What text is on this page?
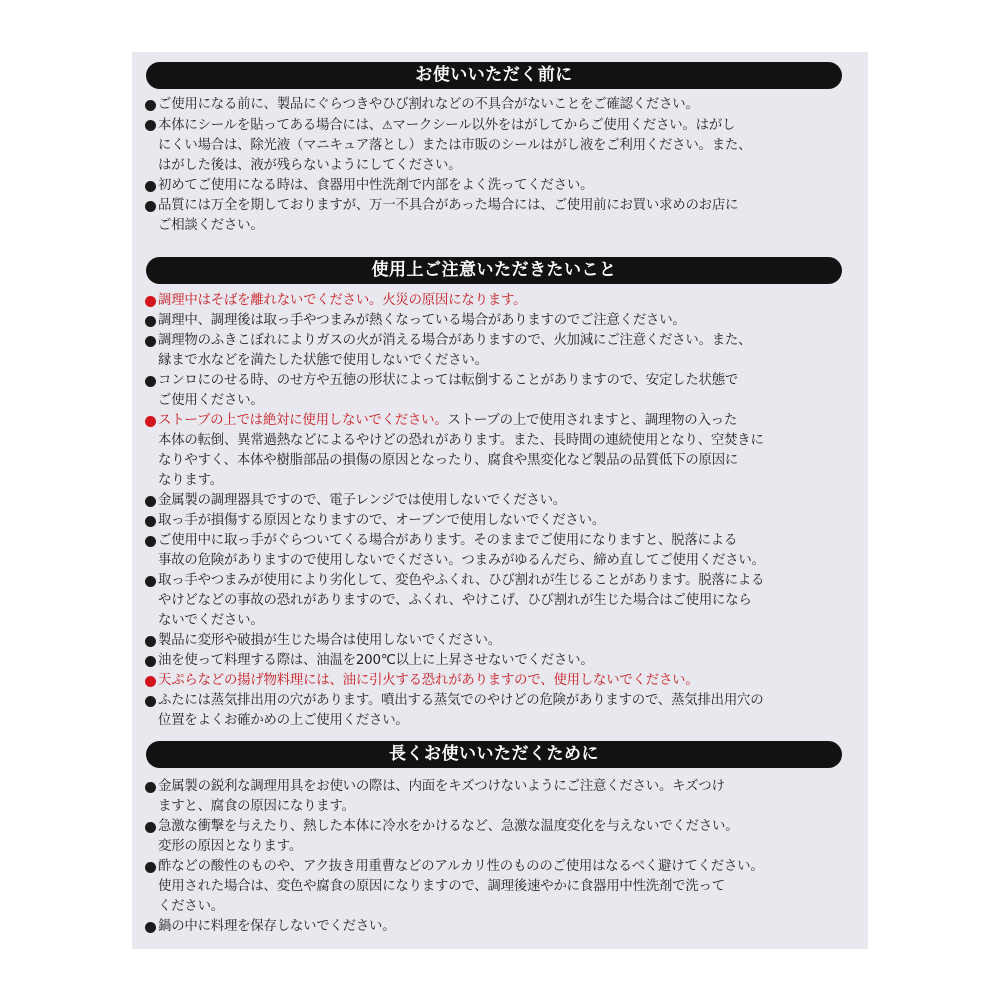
お使いいただく前に
ご使用になる前に、製品にぐらつきやひび割れなどの不具合がないことをご確認ください。
本体にシールを貼ってある場合には、⚠マークシール以外をはがしてからご使用ください。はがし
にくい場合は、除光液（マニキュア落とし）または市販のシールはがし液をご利用ください。また、
はがした後は、液が残らないようにしてください。
初めてご使用になる時は、食器用中性洗剤で内部をよく洗ってください。
品質には万全を期しておりますが、万一不具合があった場合には、ご使用前にお買い求めのお店に
ご相談ください。
使用上ご注意いただきたいこと
調理中はそばを離れないでください。火災の原因になります。
調理中、調理後は取っ手やつまみが熱くなっている場合がありますのでご注意ください。
調理物のふきこぼれによりガスの火が消える場合がありますので、火加減にご注意ください。また、
縁まで水などを満たした状態で使用しないでください。
コンロにのせる時、のせ方や五徳の形状によっては転倒することがありますので、安定した状態で
ご使用ください。
ストーブの上では絶対に使用しないでください。ストーブの上で使用されますと、調理物の入った
本体の転倒、異常過熱などによるやけどの恐れがあります。また、長時間の連続使用となり、空焚きに
なりやすく、本体や樹脂部品の損傷の原因となったり、腐食や黒変化など製品の品質低下の原因に
なります。
金属製の調理器具ですので、電子レンジでは使用しないでください。
取っ手が損傷する原因となりますので、オーブンで使用しないでください。
ご使用中に取っ手がぐらついてくる場合があります。そのままでご使用になりますと、脱落による
事故の危険がありますので使用しないでください。つまみがゆるんだら、締め直してご使用ください。
取っ手やつまみが使用により劣化して、変色やふくれ、ひび割れが生じることがあります。脱落による
やけどなどの事故の恐れがありますので、ふくれ、やけこげ、ひび割れが生じた場合はご使用になら
ないでください。
製品に変形や破損が生じた場合は使用しないでください。
油を使って料理する際は、油温を200℃以上に上昇させないでください。
天ぷらなどの揚げ物料理には、油に引火する恐れがありますので、使用しないでください。
ふたには蒸気排出用の穴があります。噴出する蒸気でのやけどの危険がありますので、蒸気排出用穴の
位置をよくお確かめの上ご使用ください。
長くお使いいただくために
金属製の鋭利な調理用具をお使いの際は、内面をキズつけないようにご注意ください。キズつけ
ますと、腐食の原因になります。
急激な衝撃を与えたり、熱した本体に冷水をかけるなど、急激な温度変化を与えないでください。
変形の原因となります。
酢などの酸性のものや、アク抜き用重曹などのアルカリ性のもののご使用はなるべく避けてください。
使用された場合は、変色や腐食の原因になりますので、調理後速やかに食器用中性洗剤で洗って
ください。
鍋の中に料理を保存しないでください。
